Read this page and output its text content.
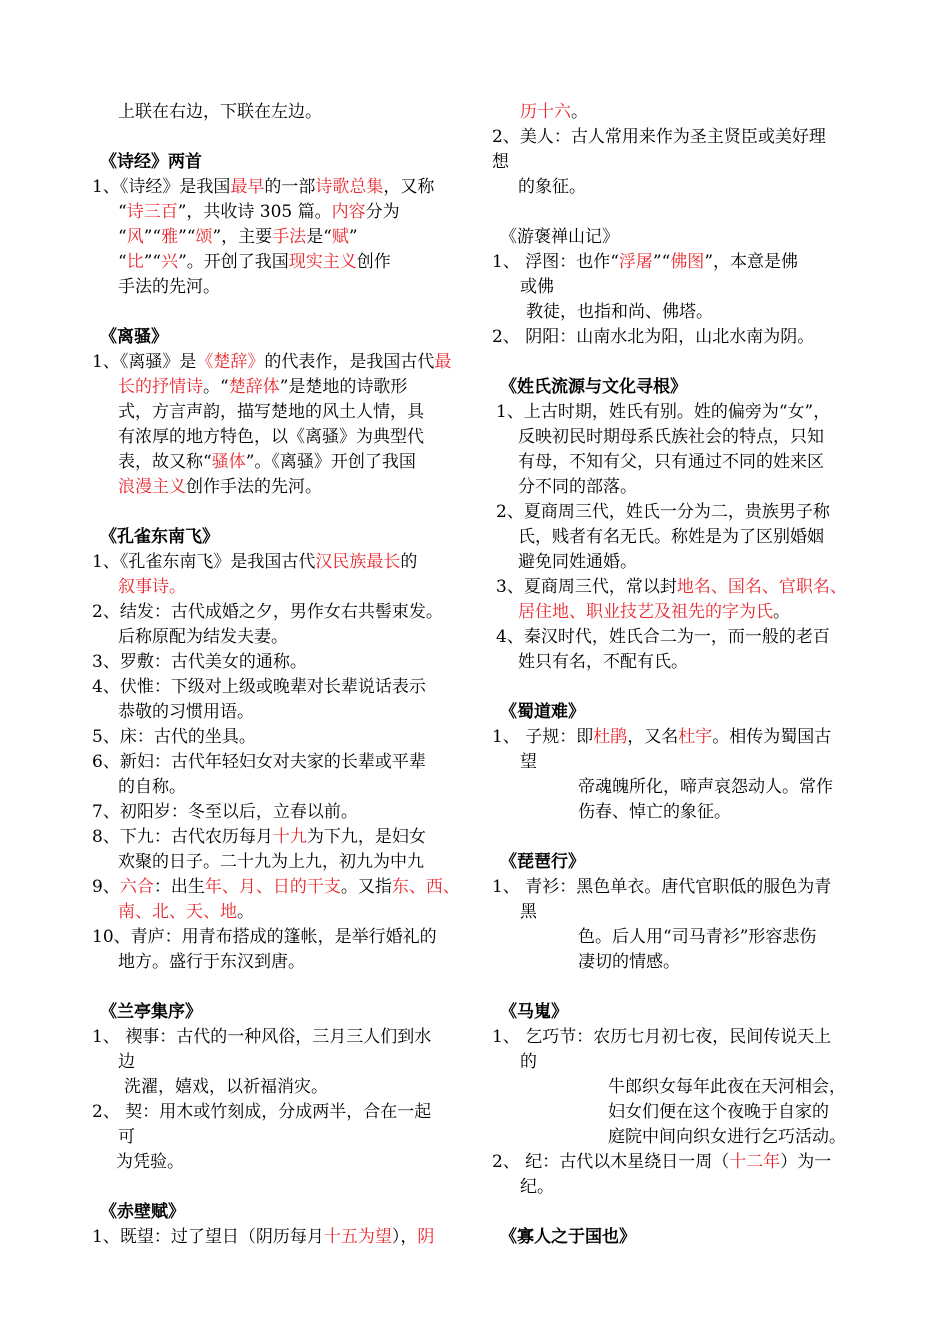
上联在右边，下联在左边。
《诗经》两首
1、《诗经》是我国最早的一部诗歌总集，又称
“诗三百”，共收诗 305 篇。内容分为
“风”“雅”“颂”，主要手法是“赋”
“比”“兴”。开创了我国现实主义创作
手法的先河。
《离骚》
1、《离骚》是《楚辞》的代表作，是我国古代最
长的抒情诗。“楚辞体”是楚地的诗歌形
式，方言声韵，描写楚地的风土人情，具
有浓厚的地方特色，以《离骚》为典型代
表，故又称“骚体”。《离骚》开创了我国
浪漫主义创作手法的先河。
《孔雀东南飞》
1、《孔雀东南飞》是我国古代汉民族最长的
叙事诗。
2、结发：古代成婚之夕，男作女右共髻束发。
后称原配为结发夫妻。
3、罗敷：古代美女的通称。
4、伏惟：下级对上级或晚辈对长辈说话表示
恭敬的习惯用语。
5、床：古代的坐具。
6、新妇：古代年轻妇女对夫家的长辈或平辈
的自称。
7、初阳岁：冬至以后，立春以前。
8、下九：古代农历每月十九为下九，是妇女
欢聚的日子。二十九为上九，初九为中九
9、六合：出生年、月、日的干支。又指东、西、
南、北、天、地。
10、青庐：用青布搭成的篷帐，是举行婚礼的
地方。盛行于东汉到唐。
《兰亭集序》
1、 禊事：古代的一种风俗，三月三人们到水
边
洗濯，嬉戏，以祈福消灾。
2、 契：用木或竹刻成，分成两半，合在一起
可
为凭验。
《赤壁赋》
1、既望：过了望日（阴历每月十五为望），阴
历十六。
2、美人：古人常用来作为圣主贤臣或美好理
想
的象征。
《游褒禅山记》
1、 浮图：也作“浮屠”“佛图”，本意是佛
或佛
教徒，也指和尚、佛塔。
2、 阴阳：山南水北为阳，山北水南为阴。
《姓氏流源与文化寻根》
1、上古时期，姓氏有别。姓的偏旁为“女”，
反映初民时期母系氏族社会的特点，只知
有母，不知有父，只有通过不同的姓来区
分不同的部落。
2、夏商周三代，姓氏一分为二，贵族男子称
氏，贱者有名无氏。称姓是为了区别婚姻
避免同姓通婚。
3、夏商周三代，常以封地名、国名、官职名、
居住地、职业技艺及祖先的字为氏。
4、秦汉时代，姓氏合二为一，而一般的老百
姓只有名，不配有氏。
《蜀道难》
1、 子规：即杜鹃，又名杜宇。相传为蜀国古
望
帝魂魄所化，啼声哀怨动人。常作
伤春、悼亡的象征。
《琵琶行》
1、 青衫：黑色单衣。唐代官职低的服色为青
黑
色。后人用“司马青衫”形容悲伤
凄切的情感。
《马嵬》
1、 乞巧节：农历七月初七夜，民间传说天上
的
牛郎织女每年此夜在天河相会，
妇女们便在这个夜晚于自家的
庭院中间向织女进行乞巧活动。
2、 纪：古代以木星绕日一周（十二年）为一
纪。
《寡人之于国也》
